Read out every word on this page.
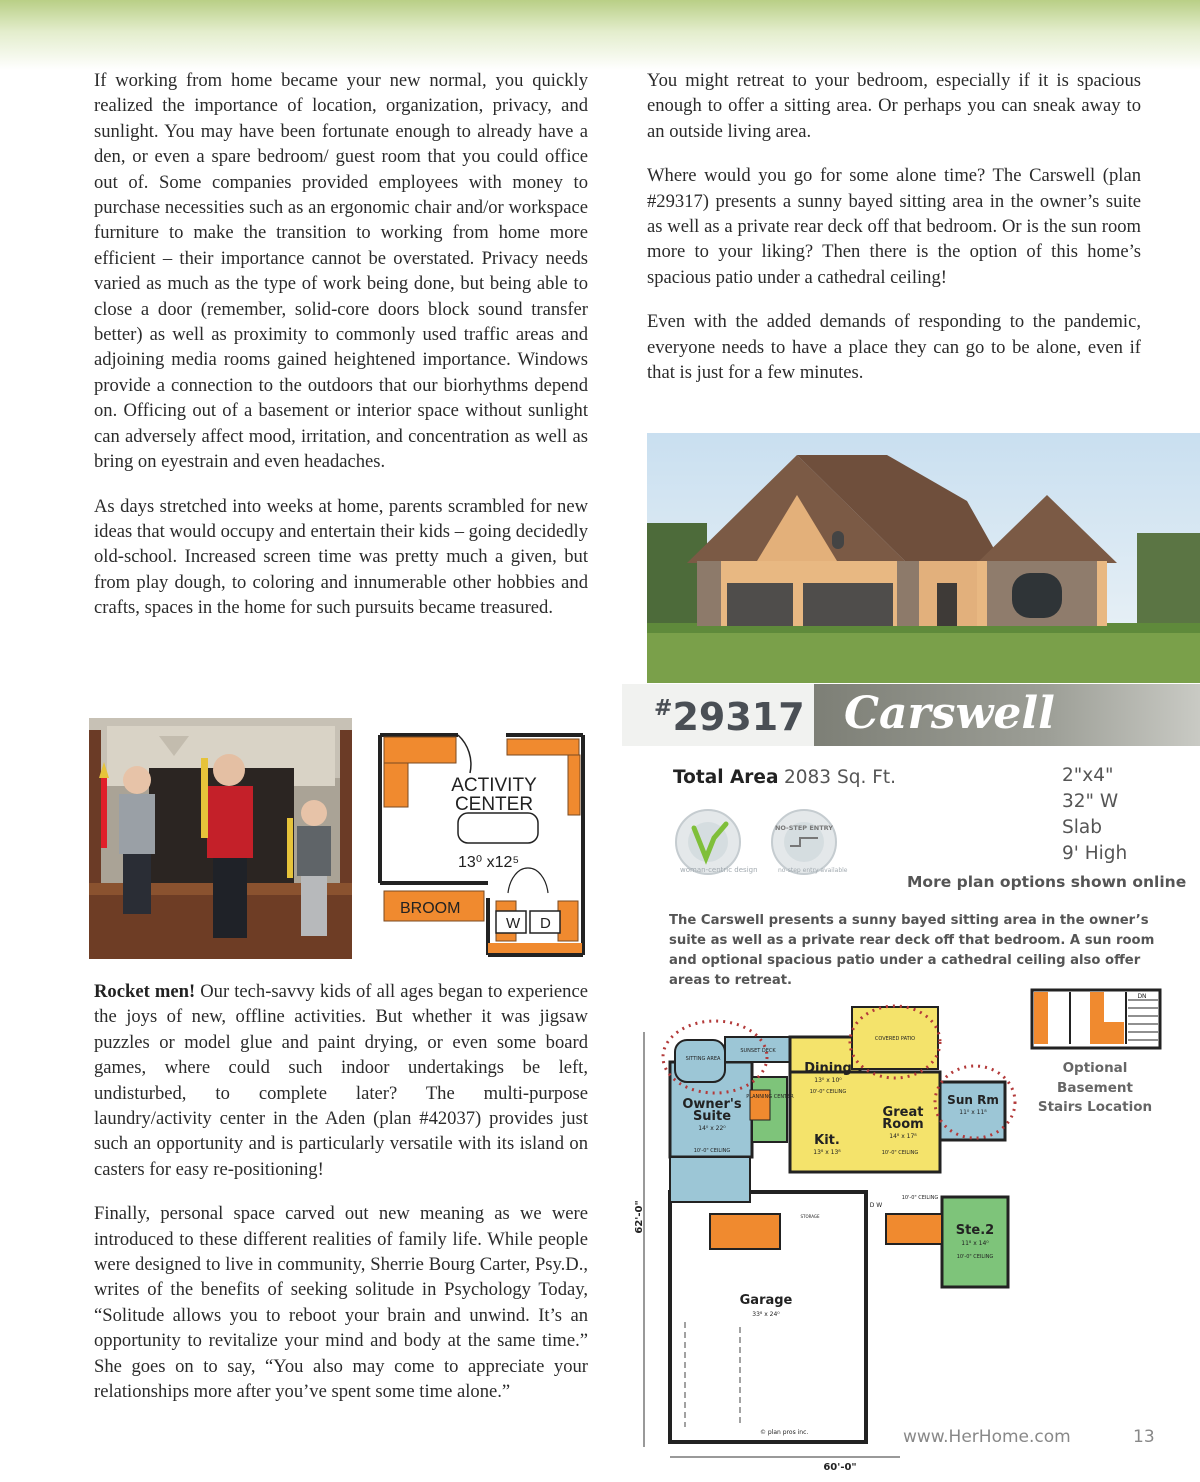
If working from home became your new normal, you quickly realized the importance of location, organization, privacy, and sunlight. You may have been fortunate enough to already have a den, or even a spare bedroom/ guest room that you could office out of. Some companies provided employees with money to purchase necessities such as an ergonomic chair and/or workspace furniture to make the transition to working from home more efficient – their importance cannot be overstated. Privacy needs varied as much as the type of work being done, but being able to close a door (remember, solid-core doors block sound transfer better) as well as proximity to commonly used traffic areas and adjoining media rooms gained heightened importance. Windows provide a connection to the outdoors that our biorhythms depend on. Officing out of a basement or interior space without sunlight can adversely affect mood, irritation, and concentration as well as bring on eyestrain and even headaches.

As days stretched into weeks at home, parents scrambled for new ideas that would occupy and entertain their kids – going decidedly old-school. Increased screen time was pretty much a given, but from play dough, to coloring and innumerable other hobbies and crafts, spaces in the home for such pursuits became treasured.

ACTIVITY
CENTER
13⁰ x12⁵
BROOM
W D

Rocket men! Our tech-savvy kids of all ages began to experience the joys of new, offline activities. But whether it was jigsaw puzzles or model glue and paint drying, or even some board games, where could such indoor undertakings be left, undisturbed, to complete later? The multi-purpose laundry/activity center in the Aden (plan #42037) provides just such an opportunity and is particularly versatile with its island on casters for easy re-positioning!

Finally, personal space carved out new meaning as we were introduced to these different realities of family life. While people were designed to live in community, Sherrie Bourg Carter, Psy.D., writes of the benefits of seeking solitude in Psychology Today, “Solitude allows you to reboot your brain and unwind. It’s an opportunity to revitalize your mind and body at the same time.” She goes on to say, “You also may come to appreciate your relationships more after you’ve spent some time alone.”

You might retreat to your bedroom, especially if it is spacious enough to offer a sitting area. Or perhaps you can sneak away to an outside living area.

Where would you go for some alone time? The Carswell (plan #29317) presents a sunny bayed sitting area in the owner’s suite as well as a private rear deck off that bedroom. Or is the sun room more to your liking? Then there is the option of this home’s spacious patio under a cathedral ceiling!

Even with the added demands of responding to the pandemic, everyone needs to have a place they can go to be alone, even if that is just for a few minutes.

#29317 Carswell
Total Area 2083 Sq. Ft.	2"x4"
32" W
Slab
9' High
woman-centric design
NO-STEP ENTRY
no-step entry available
More plan options shown online
The Carswell presents a sunny bayed sitting area in the owner’s suite as well as a private rear deck off that bedroom. A sun room and optional spacious patio under a cathedral ceiling also offer areas to retreat.
62'-0"
60'-0"
SITTING AREA
SUNSET DECK
COVERED PATIO
Dining
13⁰ x 10⁰
10'-0" CEILING
Owner's
Suite
14⁰ x 22⁰
10'-0" CEILING
PLANNING CENTER
Kit.
13⁸ x 13⁸
Great
Room
14⁸ x 17⁸
10'-0" CEILING
Sun Rm
11⁰ x 11⁸
10'-0" CEILING
D W
STORAGE
Ste.2
11⁸ x 14⁰
10'-0" CEILING
Garage
33⁸ x 24⁰
© plan pros inc.
DN
Optional Basement
Stairs Location
www.HerHome.com	13
